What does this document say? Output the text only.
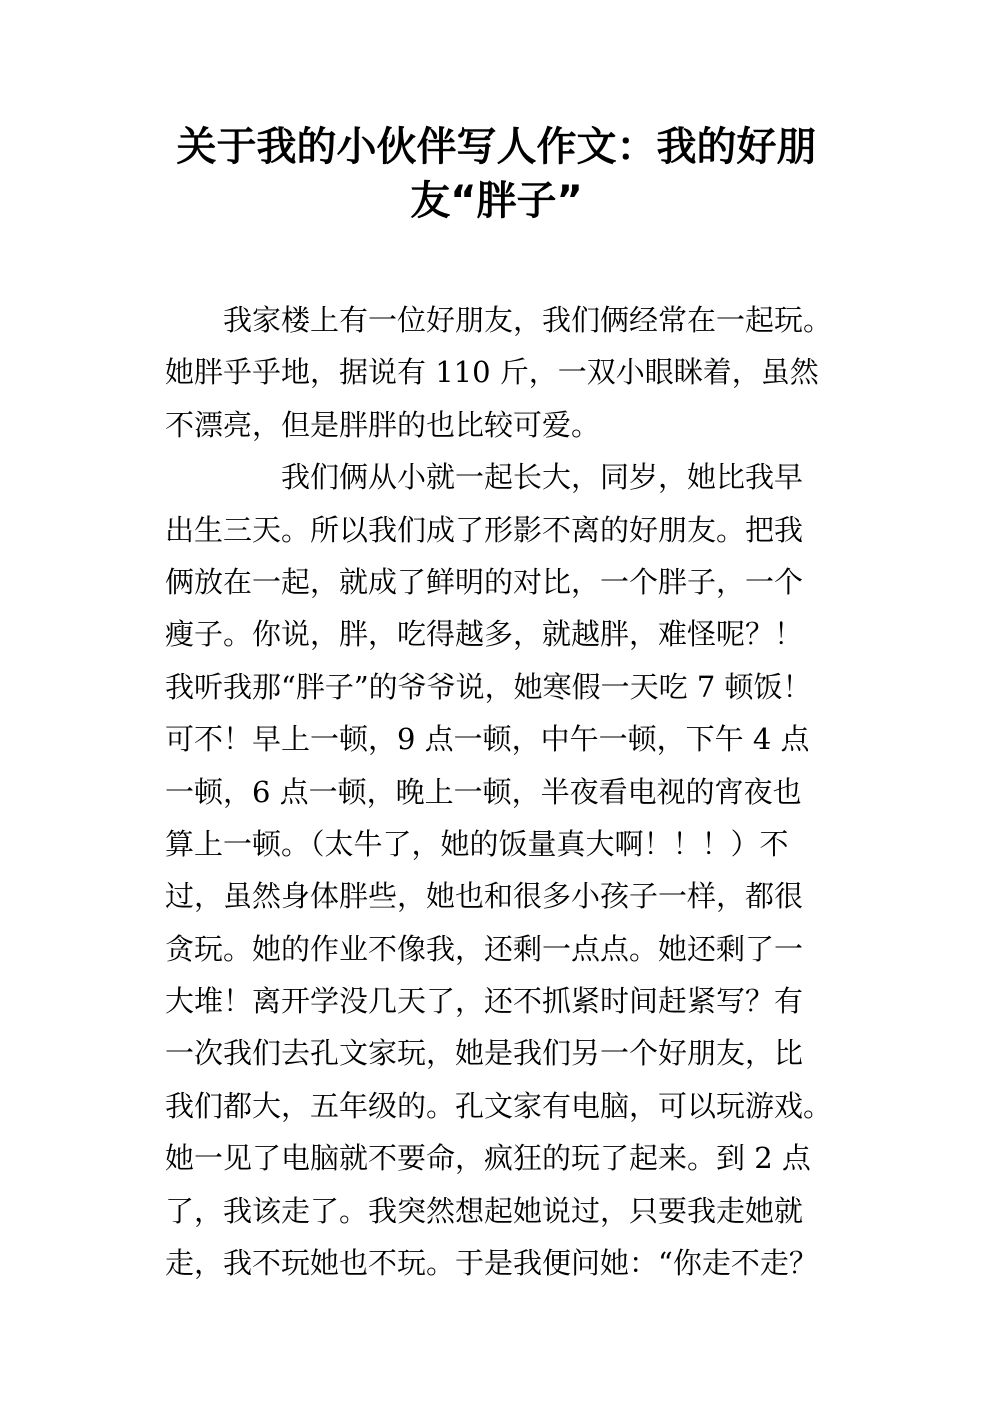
关于我的小伙伴写人作文：我的好朋
友“胖子”
　　我家楼上有一位好朋友，我们俩经常在一起玩。
她胖乎乎地，据说有 110 斤，一双小眼眯着，虽然
不漂亮，但是胖胖的也比较可爱。
　　　　我们俩从小就一起长大，同岁，她比我早
出生三天。所以我们成了形影不离的好朋友。把我
俩放在一起，就成了鲜明的对比，一个胖子，一个
瘦子。你说，胖，吃得越多，就越胖，难怪呢？！
我听我那“胖子”的爷爷说，她寒假一天吃 7 顿饭！
可不！早上一顿，9 点一顿，中午一顿，下午 4 点
一顿，6 点一顿，晚上一顿，半夜看电视的宵夜也
算上一顿。（太牛了，她的饭量真大啊！！！）不
过，虽然身体胖些，她也和很多小孩子一样，都很
贪玩。她的作业不像我，还剩一点点。她还剩了一
大堆！离开学没几天了，还不抓紧时间赶紧写？有
一次我们去孔文家玩，她是我们另一个好朋友，比
我们都大，五年级的。孔文家有电脑，可以玩游戏。
她一见了电脑就不要命，疯狂的玩了起来。到 2 点
了，我该走了。我突然想起她说过，只要我走她就
走，我不玩她也不玩。于是我便问她：“你走不走？
